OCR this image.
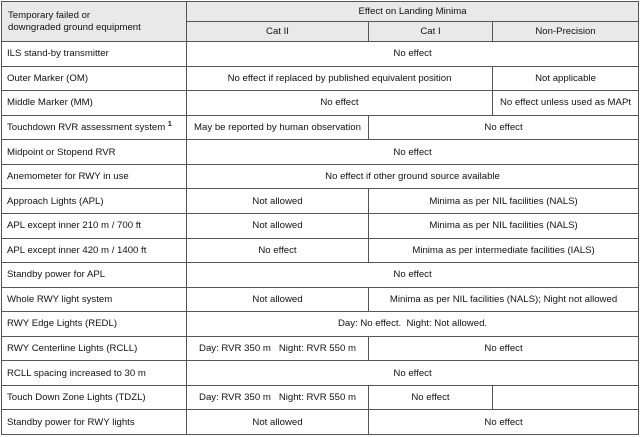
Temporary failed or
downgraded ground equipment	Effect on Landing Minima		
	Cat II	Cat I	Non-Precision
ILS stand-by transmitter	No effect		
Outer Marker (OM)	No effect if replaced by published equivalent position		Not applicable
Middle Marker (MM)	No effect		No effect unless used as MAPt
Touchdown RVR assessment system $^1$	May be reported by human observation	No effect	
Midpoint or Stopend RVR	No effect		
Anemometer for RWY in use	No effect if other ground source available		
Approach Lights (APL)	Not allowed	Minima as per NIL facilities (NALS)	
APL except inner 210 m / 700 ft	Not allowed	Minima as per NIL facilities (NALS)	
APL except inner 420 m / 1400 ft	No effect	Minima as per intermediate facilities (IALS)	
Standby power for APL	No effect		
Whole RWY light system	Not allowed	Minima as per NIL facilities (NALS); Night not allowed	
RWY Edge Lights (REDL)	Day: No effect.  Night: Not allowed.		
RWY Centerline Lights (RCLL)	Day: RVR 350 m   Night: RVR 550 m	No effect	
RCLL spacing increased to 30 m	No effect		
Touch Down Zone Lights (TDZL)	Day: RVR 350 m   Night: RVR 550 m	No effect	
Standby power for RWY lights	Not allowed	No effect	
